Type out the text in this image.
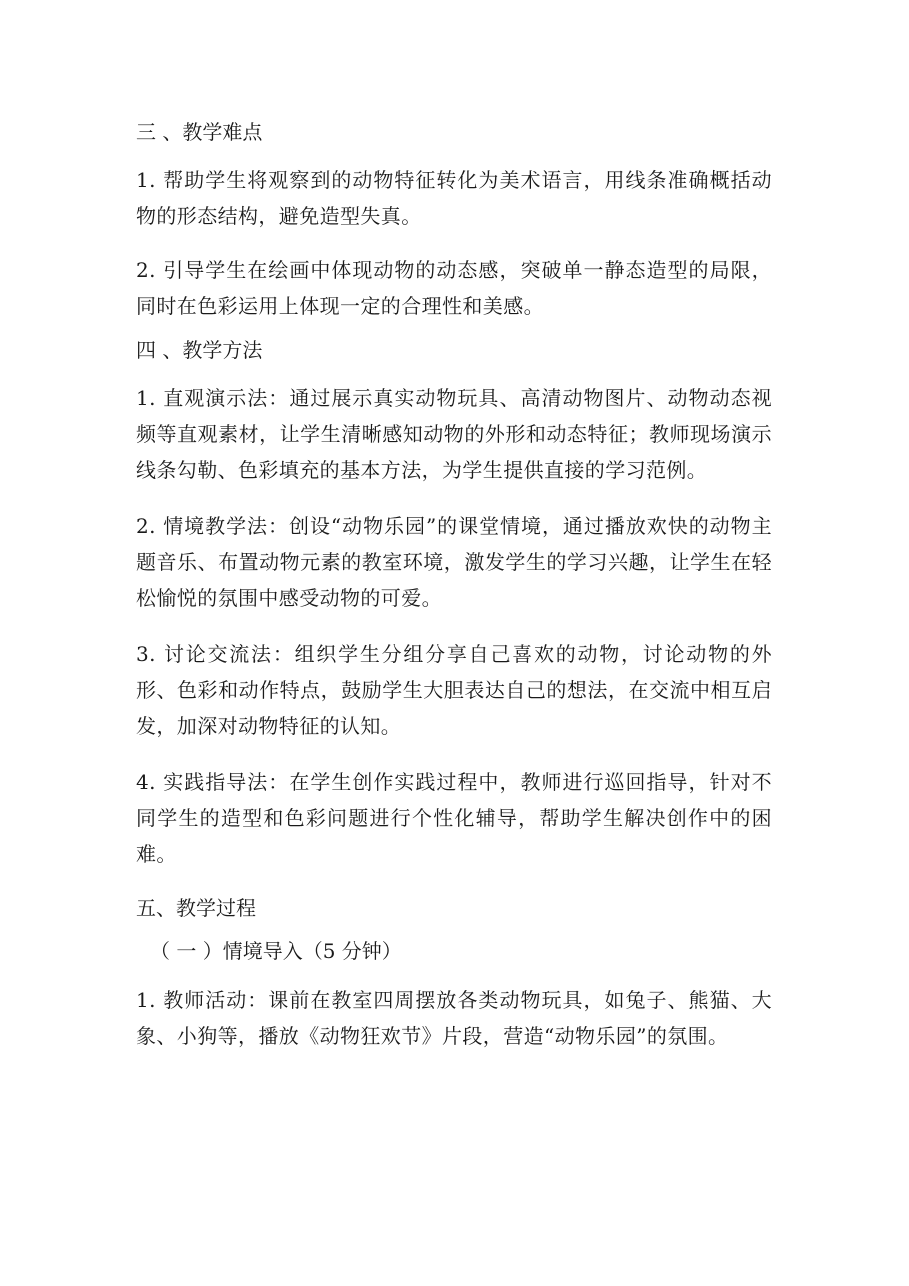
三 、教学难点
1. 帮助学生将观察到的动物特征转化为美术语言，用线条准确概括动物的形态结构，避免造型失真。
2. 引导学生在绘画中体现动物的动态感，突破单一静态造型的局限，同时在色彩运用上体现一定的合理性和美感。
四 、教学方法
1. 直观演示法：通过展示真实动物玩具、高清动物图片、动物动态视频等直观素材，让学生清晰感知动物的外形和动态特征；教师现场演示线条勾勒、色彩填充的基本方法，为学生提供直接的学习范例。
2. 情境教学法：创设“动物乐园”的课堂情境，通过播放欢快的动物主题音乐、布置动物元素的教室环境，激发学生的学习兴趣，让学生在轻松愉悦的氛围中感受动物的可爱。
3. 讨论交流法：组织学生分组分享自己喜欢的动物，讨论动物的外形、色彩和动作特点，鼓励学生大胆表达自己的想法，在交流中相互启发，加深对动物特征的认知。
4. 实践指导法：在学生创作实践过程中，教师进行巡回指导，针对不同学生的造型和色彩问题进行个性化辅导，帮助学生解决创作中的困难。
五、教学过程
（ 一 ）情境导入（5 分钟）
1. 教师活动：课前在教室四周摆放各类动物玩具，如兔子、熊猫、大象、小狗等，播放《动物狂欢节》片段，营造“动物乐园”的氛围。
